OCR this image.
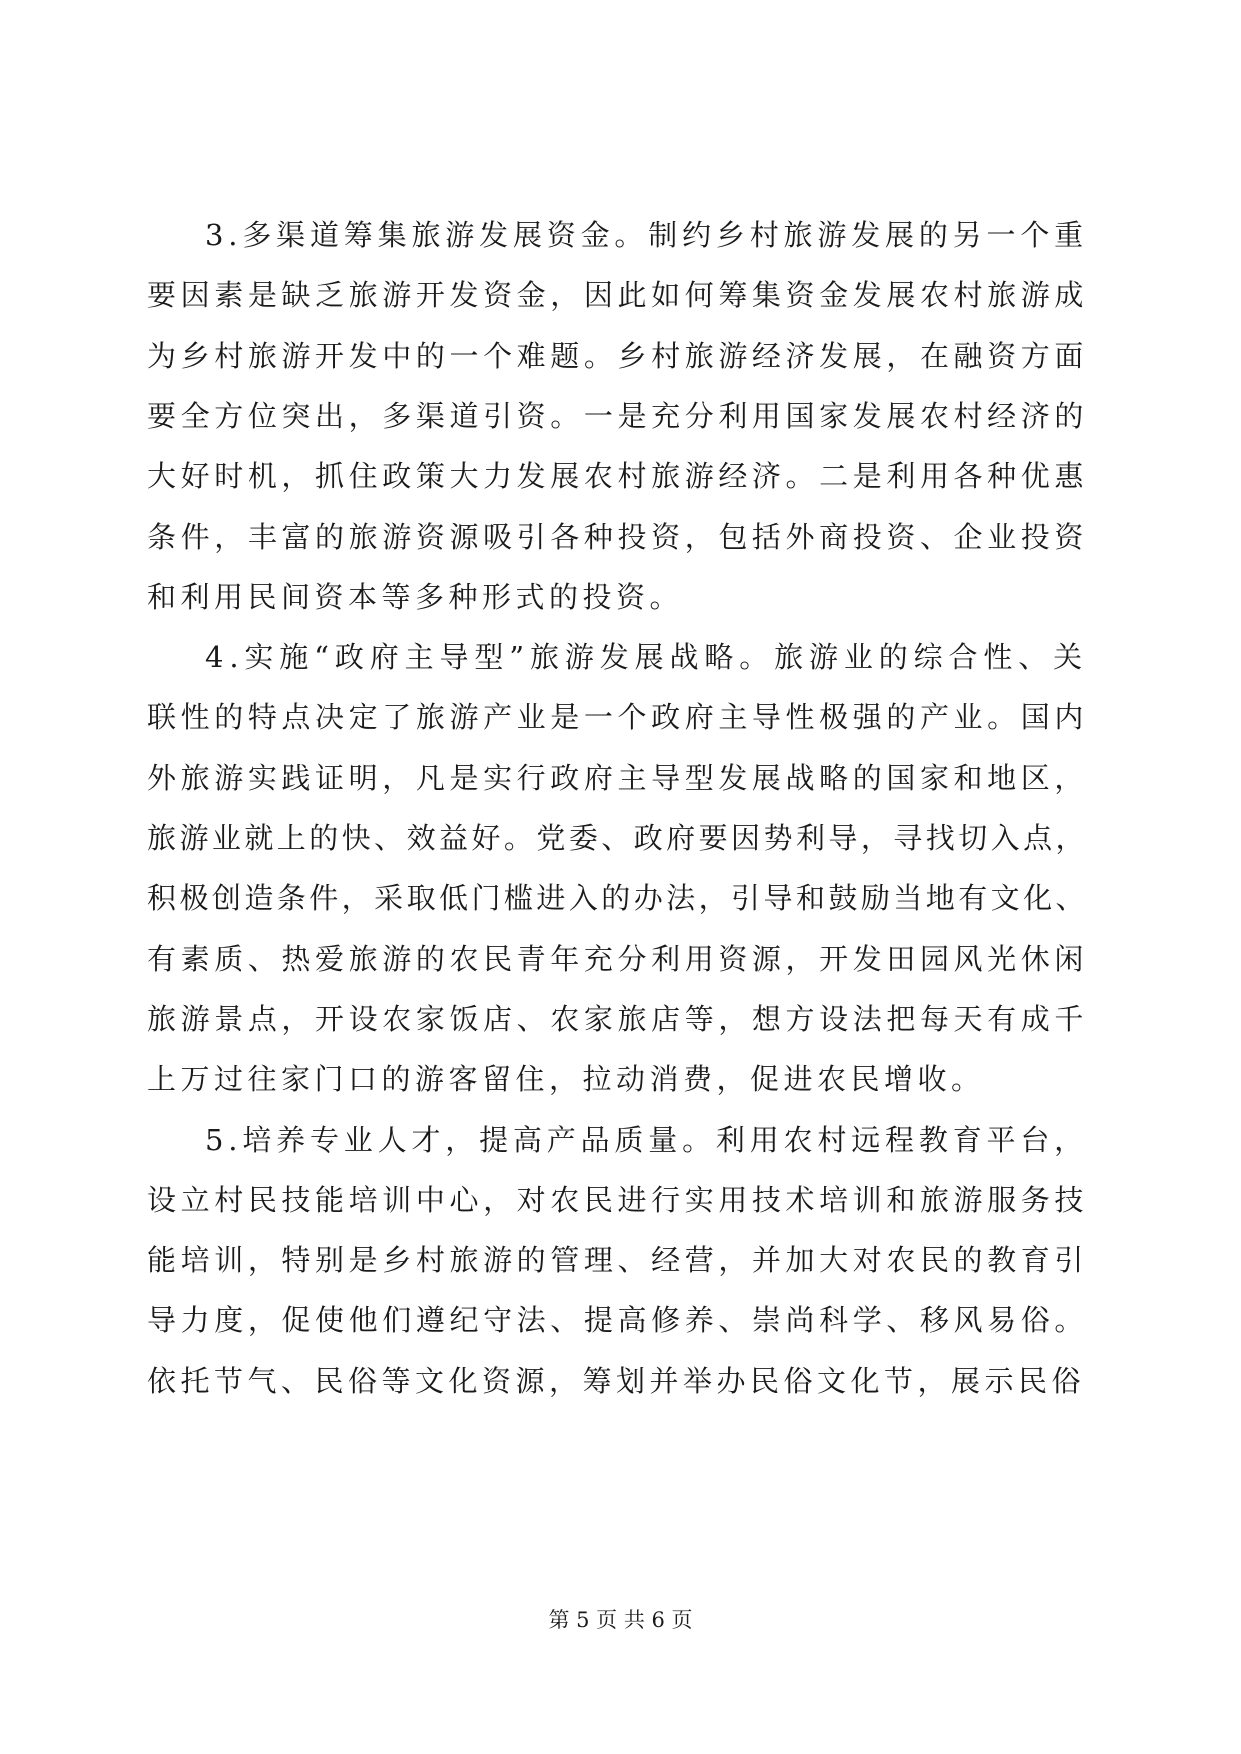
3.多渠道筹集旅游发展资金。制约乡村旅游发展的另一个重
要因素是缺乏旅游开发资金，因此如何筹集资金发展农村旅游成
为乡村旅游开发中的一个难题。乡村旅游经济发展，在融资方面
要全方位突出，多渠道引资。一是充分利用国家发展农村经济的
大好时机，抓住政策大力发展农村旅游经济。二是利用各种优惠
条件，丰富的旅游资源吸引各种投资，包括外商投资、企业投资
和利用民间资本等多种形式的投资。
4.实施“政府主导型”旅游发展战略。旅游业的综合性、关
联性的特点决定了旅游产业是一个政府主导性极强的产业。国内
外旅游实践证明，凡是实行政府主导型发展战略的国家和地区，
旅游业就上的快、效益好。党委、政府要因势利导，寻找切入点，
积极创造条件，采取低门槛进入的办法，引导和鼓励当地有文化、
有素质、热爱旅游的农民青年充分利用资源，开发田园风光休闲
旅游景点，开设农家饭店、农家旅店等，想方设法把每天有成千
上万过往家门口的游客留住，拉动消费，促进农民增收。
5.培养专业人才，提高产品质量。利用农村远程教育平台，
设立村民技能培训中心，对农民进行实用技术培训和旅游服务技
能培训，特别是乡村旅游的管理、经营，并加大对农民的教育引
导力度，促使他们遵纪守法、提高修养、崇尚科学、移风易俗。
依托节气、民俗等文化资源，筹划并举办民俗文化节，展示民俗
第 5 页 共 6 页
